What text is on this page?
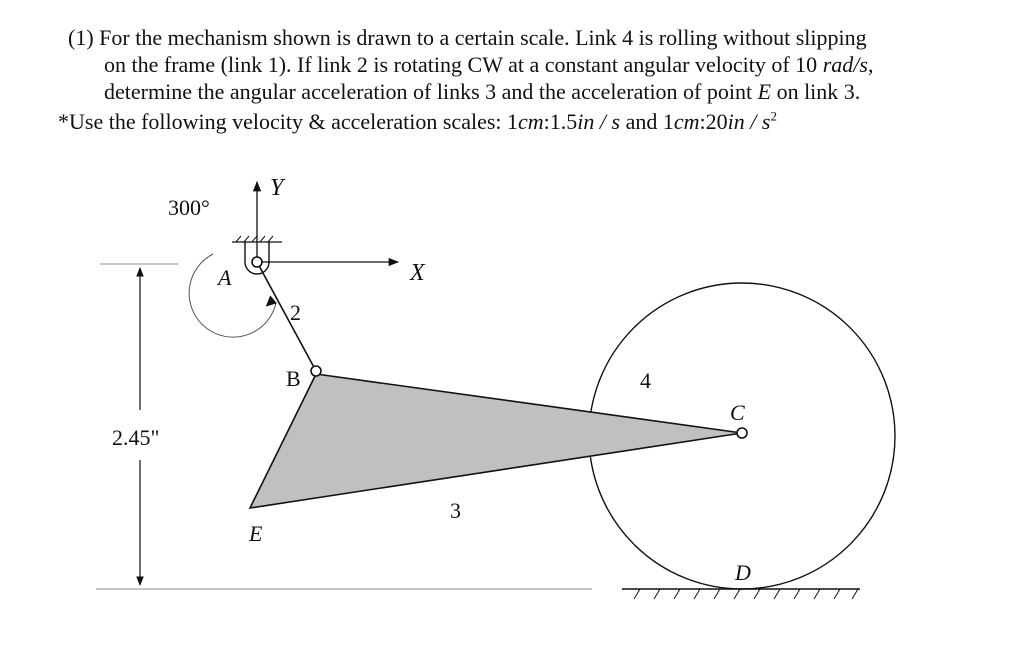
(1) For the mechanism shown is drawn to a certain scale. Link 4 is rolling without slipping

on the frame (link 1). If link 2 is rotating CW at a constant angular velocity of 10 rad/s,

determine the angular acceleration of links 3 and the acceleration of point E on link 3.

*Use the following velocity & acceleration scales: 1cm:1.5in / s and 1cm:20in / $s^2$

300°
Y
X
A
2
B	4
C
2.45"
3
E
D
